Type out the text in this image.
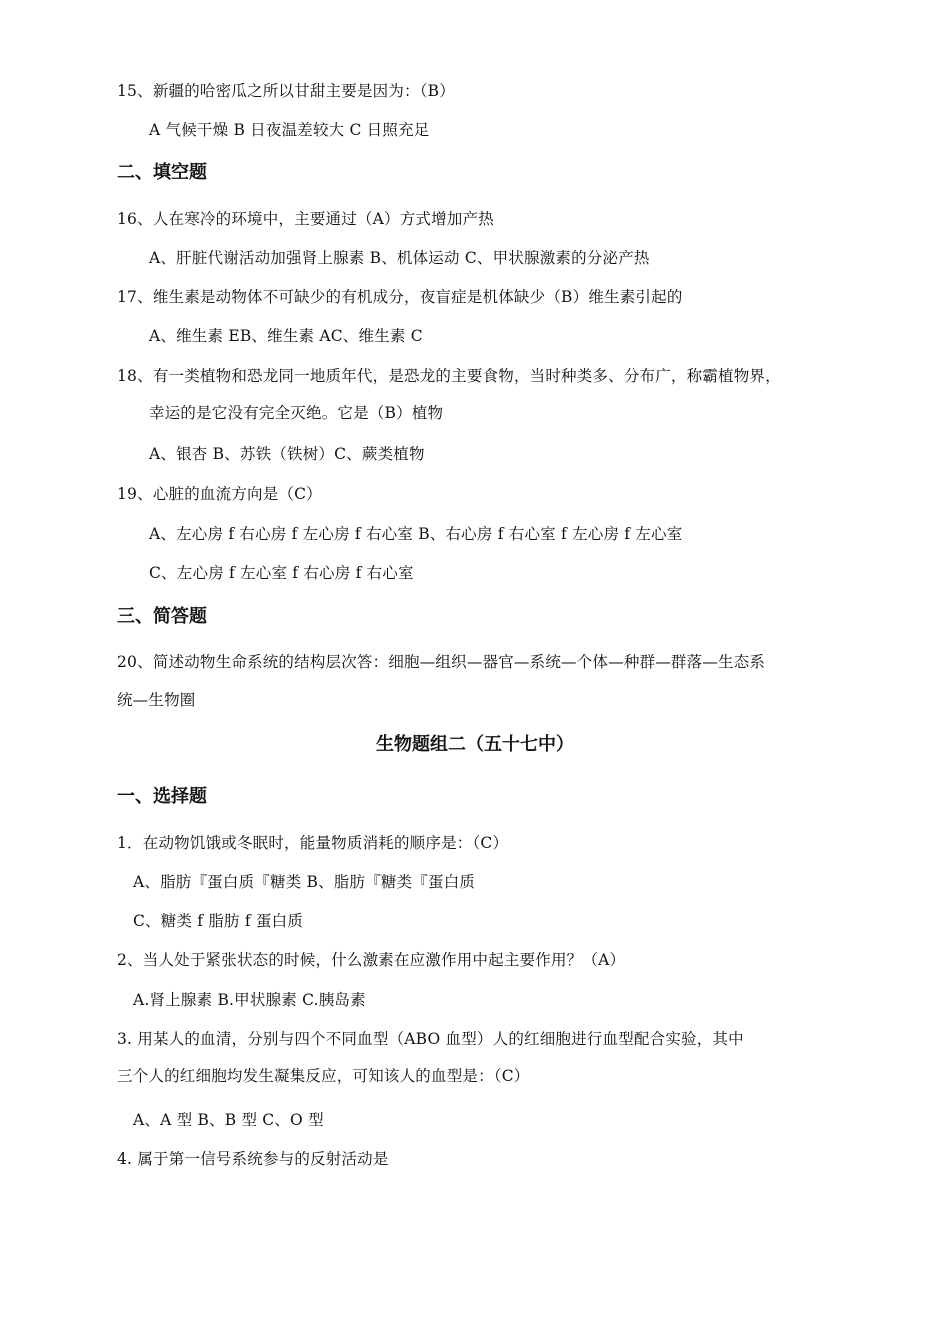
15、新疆的哈密瓜之所以甘甜主要是因为：（B）

A 气候干燥 B 日夜温差较大 C 日照充足

二、填空题

16、人在寒冷的环境中，主要通过（A）方式增加产热

A、肝脏代谢活动加强肾上腺素 B、机体运动 C、甲状腺激素的分泌产热

17、维生素是动物体不可缺少的有机成分，夜盲症是机体缺少（B）维生素引起的

A、维生素 EB、维生素 AC、维生素 C

18、有一类植物和恐龙同一地质年代，是恐龙的主要食物，当时种类多、分布广，称霸植物界，

幸运的是它没有完全灭绝。它是（B）植物

A、银杏 B、苏铁（铁树）C、蕨类植物

19、心脏的血流方向是（C）

A、左心房 f 右心房 f 左心房 f 右心室 B、右心房 f 右心室 f 左心房 f 左心室

C、左心房 f 左心室 f 右心房 f 右心室

三、简答题

20、简述动物生命系统的结构层次答：细胞—组织—器官—系统—个体—种群—群落—生态系

统—生物圈

生物题组二（五十七中）

一、选择题

1．在动物饥饿或冬眠时，能量物质消耗的顺序是：（C）

A、脂肪『蛋白质『糖类 B、脂肪『糖类『蛋白质

C、糖类 f 脂肪 f 蛋白质

2、当人处于紧张状态的时候，什么激素在应激作用中起主要作用？（A）

A.肾上腺素 B.甲状腺素 C.胰岛素

3. 用某人的血清，分别与四个不同血型（ABO 血型）人的红细胞进行血型配合实验，其中

三个人的红细胞均发生凝集反应，可知该人的血型是：（C）

A、A 型 B、B 型 C、O 型

4. 属于第一信号系统参与的反射活动是
